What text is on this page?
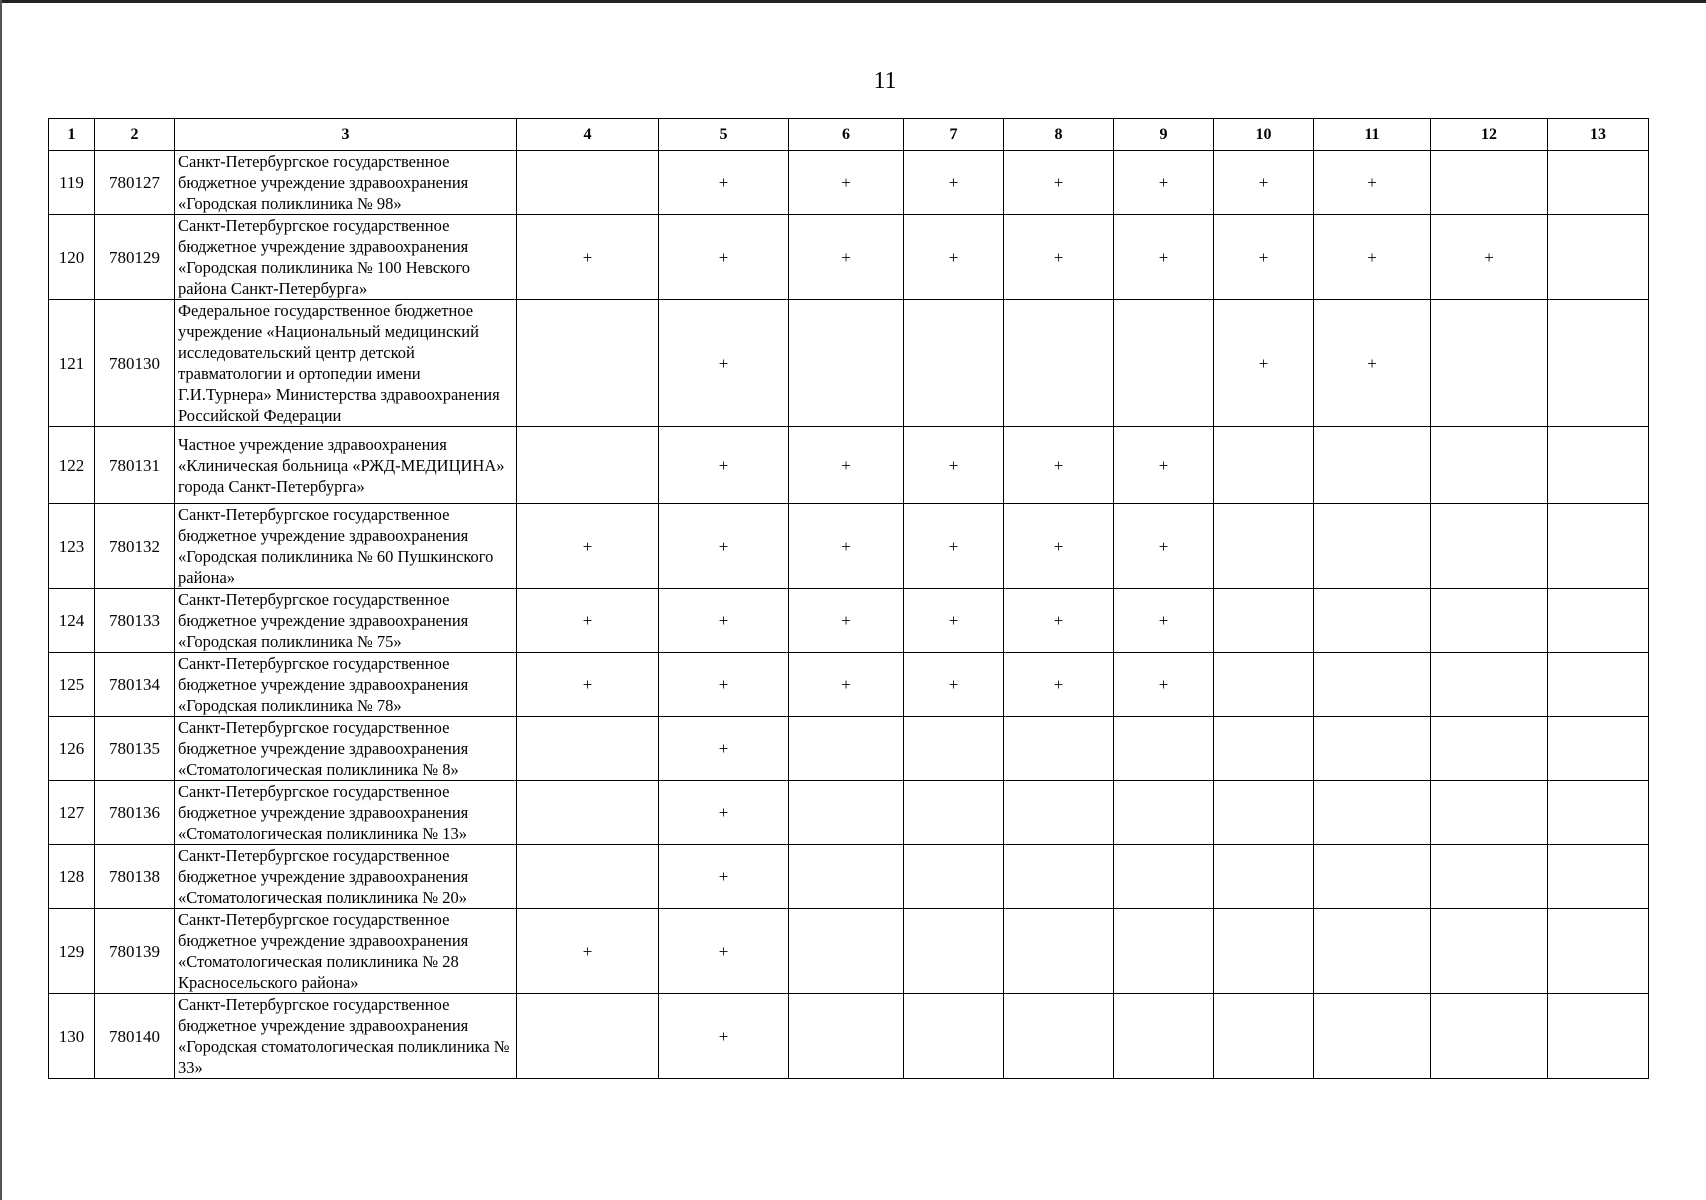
11
1	2	3	4	5	6	7	8	9	10	11	12	13
119	780127	Санкт-Петербургское государственное бюджетное учреждение здравоохранения «Городская поликлиника № 98»		+	+	+	+	+	+	+		
120	780129	Санкт-Петербургское государственное бюджетное учреждение здравоохранения «Городская поликлиника № 100 Невского района Санкт-Петербурга»	+	+	+	+	+	+	+	+	+	
121	780130	Федеральное государственное бюджетное учреждение «Национальный медицинский исследовательский центр детской травматологии и ортопедии имени Г.И.Турнера» Министерства здравоохранения Российской Федерации		+					+	+		
122	780131	Частное учреждение здравоохранения «Клиническая больница «РЖД-МЕДИЦИНА» города Санкт-Петербурга»		+	+	+	+	+				
123	780132	Санкт-Петербургское государственное бюджетное учреждение здравоохранения «Городская поликлиника № 60 Пушкинского района»	+	+	+	+	+	+				
124	780133	Санкт-Петербургское государственное бюджетное учреждение здравоохранения «Городская поликлиника № 75»	+	+	+	+	+	+				
125	780134	Санкт-Петербургское государственное бюджетное учреждение здравоохранения «Городская поликлиника № 78»	+	+	+	+	+	+				
126	780135	Санкт-Петербургское государственное бюджетное учреждение здравоохранения «Стоматологическая поликлиника № 8»		+								
127	780136	Санкт-Петербургское государственное бюджетное учреждение здравоохранения «Стоматологическая поликлиника № 13»		+								
128	780138	Санкт-Петербургское государственное бюджетное учреждение здравоохранения «Стоматологическая поликлиника № 20»		+								
129	780139	Санкт-Петербургское государственное бюджетное учреждение здравоохранения «Стоматологическая поликлиника № 28 Красносельского района»	+	+								
130	780140	Санкт-Петербургское государственное бюджетное учреждение здравоохранения «Городская стоматологическая поликлиника № 33»		+								
